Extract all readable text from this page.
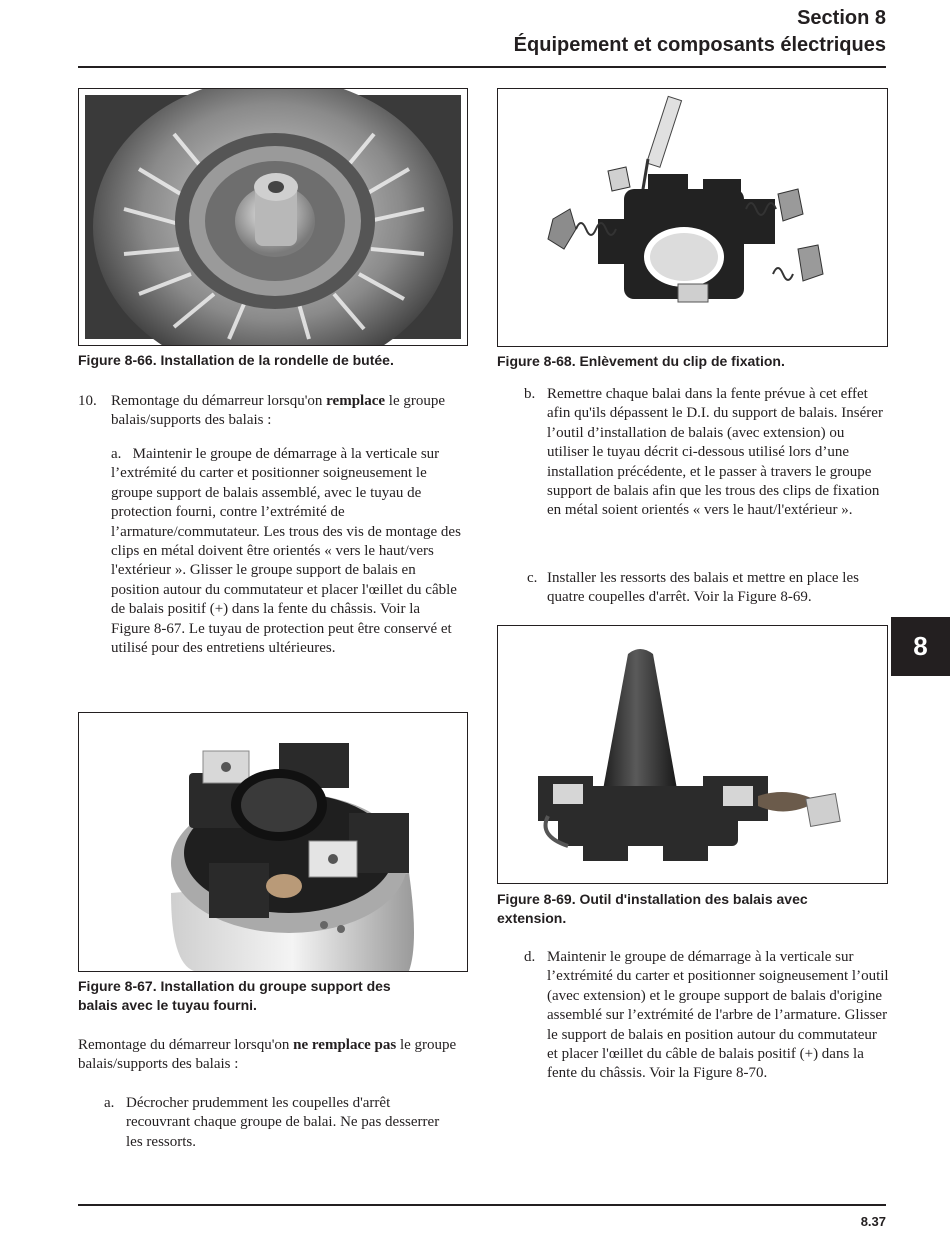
Section 8
Équipement et composants électriques
Figure 8-66. Installation de la rondelle de butée.
10. Remontage du démarreur lorsqu'on remplace le groupe balais/supports des balais :
a.   Maintenir le groupe de démarrage à la verticale sur l’extrémité du carter et positionner soigneusement le groupe support de balais assemblé, avec le tuyau de protection fourni, contre l’extrémité de l’armature/commutateur. Les trous des vis de montage des clips en métal doivent être orientés « vers le haut/vers l'extérieur ». Glisser le groupe support de balais en position autour du commutateur et placer l'œillet du câble de balais positif (+) dans la fente du châssis. Voir la Figure 8-67. Le tuyau de protection peut être conservé et utilisé pour des entretiens ultérieures.
Figure 8-67. Installation du groupe support des
balais avec le tuyau fourni.
Remontage du démarreur lorsqu'on ne remplace pas le groupe balais/supports des balais :
a. Décrocher prudemment les coupelles d'arrêt recouvrant chaque groupe de balai. Ne pas desserrer les ressorts.
Figure 8-68. Enlèvement du clip de fixation.
b. Remettre chaque balai dans la fente prévue à cet effet afin qu'ils dépassent le D.I. du support de balais. Insérer l’outil d’installation de balais (avec extension) ou utiliser le tuyau décrit ci-dessous utilisé lors d’une installation précédente, et le passer à travers le groupe support de balais afin que les trous des clips de fixation en métal soient orientés « vers le haut/l'extérieur ».
c. Installer les ressorts des balais et mettre en place les quatre coupelles d'arrêt. Voir la Figure 8-69.
Figure 8-69. Outil d'installation des balais avec
extension.
d. Maintenir le groupe de démarrage à la verticale sur l’extrémité du carter et positionner soigneusement l’outil (avec extension) et le groupe support de balais d'origine assemblé sur l’extrémité de l'arbre de l’armature. Glisser le support de balais en position autour du commutateur et placer l'œillet du câble de balais positif (+) dans la fente du châssis. Voir la Figure 8-70.
8
8.37
